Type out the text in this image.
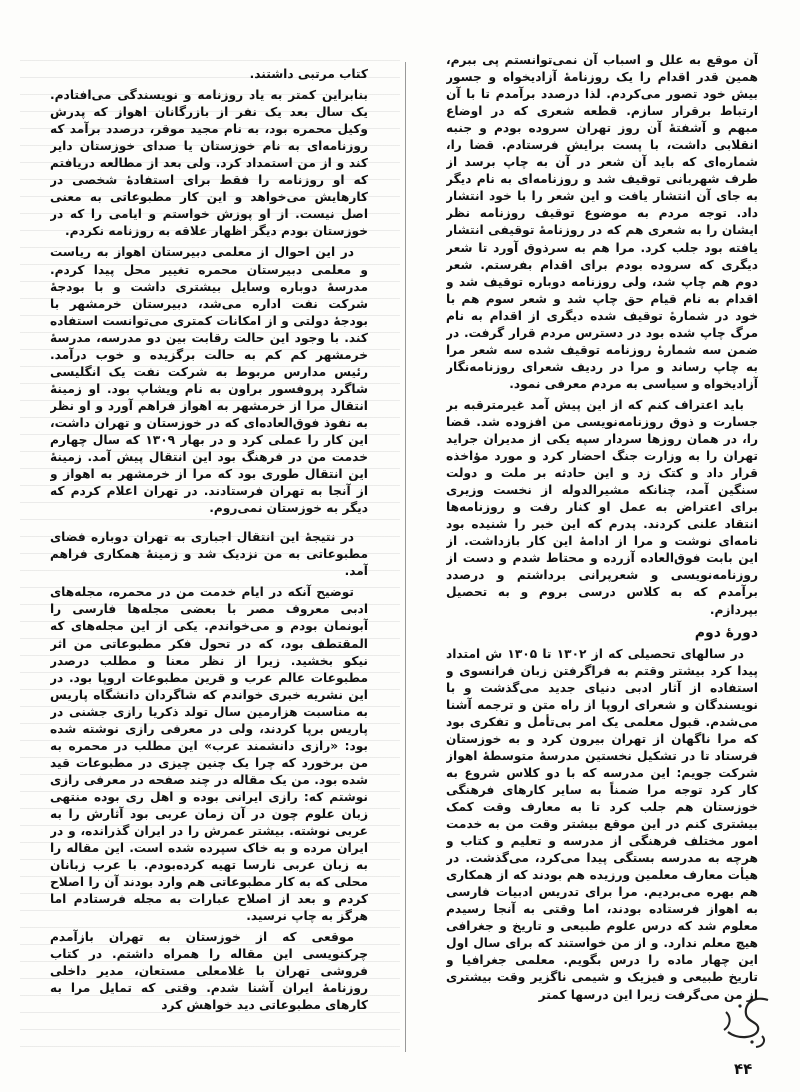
آن موقع به علل و اسباب آن نمی‌توانستم پی ببرم، همین قدر اقدام را یک روزنامهٔ آزادیخواه و جسور بیش خود تصور می‌کردم. لذا درصدد برآمدم تا با آن ارتباط برقرار سازم. قطعه شعری که در اوضاع مبهم و آشفتهٔ آن روز تهران سروده بودم و جنبه انقلابی داشت، با پست برایش فرستادم. قضا را، شماره‌ای که باید آن شعر در آن به چاپ برسد از طرف شهربانی توقیف شد و روزنامه‌ای به نام دیگر به جای آن انتشار یافت و این شعر را با خود انتشار داد. توجه مردم به موضوع توقیف روزنامه نظر ایشان را به شعری هم که در روزنامهٔ توقیفی انتشار یافته بود جلب کرد. مرا هم به سرذوق آورد تا شعر دیگری که سروده بودم برای اقدام بفرستم. شعر دوم هم چاپ شد، ولی روزنامه دوباره توقیف شد و اقدام به نام قیام حق چاپ شد و شعر سوم هم با خود در شمارهٔ توقیف شده دیگری از اقدام به نام مرگ چاپ شده بود در دسترس مردم قرار گرفت. در ضمن سه شمارهٔ روزنامه توقیف شده سه شعر مرا به چاپ رساند و مرا در ردیف شعرای روزنامه‌نگار آزادیخواه و سیاسی به مردم معرفی نمود.

باید اعتراف کنم که از این پیش آمد غیرمترقبه بر جسارت و ذوق روزنامه‌نویسی من افزوده شد. قضا را، در همان روزها سردار سپه یکی از مدیران جراید تهران را به وزارت جنگ احضار کرد و مورد مؤاخذه قرار داد و کتک زد و این حادثه بر ملت و دولت سنگین آمد، چنانکه مشیرالدوله از نخست وزیری برای اعتراض به عمل او کنار رفت و روزنامه‌ها انتقاد علنی کردند. پدرم که این خبر را شنیده بود نامه‌ای نوشت و مرا از ادامهٔ این کار بازداشت. از این بابت فوق‌العاده آزرده و محتاط شدم و دست از روزنامه‌نویسی و شعرپرانی برداشتم و درصدد برآمدم که به کلاس درسی برو‌م و به تحصیل بپردازم.

دورهٔ دوم

در سالهای تحصیلی که از ۱۳۰۲ تا ۱۳۰۵ ش امتداد پیدا کرد بیشتر وقتم به فراگرفتن زبان فرانسوی و استفاده از آثار ادبی دنیای جدید می‌گذشت و با نویسندگان و شعرای اروپا از راه متن و ترجمه آشنا می‌شدم. قبول معلمی یک امر بی‌تأمل و تفکری بود که مرا ناگهان از تهران بیرون کرد و به خوزستان فرستاد تا در تشکیل نخستین مدرسهٔ متوسطهٔ اهواز شرکت جویم: این مدرسه که با دو کلاس شروع به کار کرد توجه مرا ضمناً به سایر کارهای فرهنگی خوزستان هم جلب کرد تا به معارف وقت کمک بیشتری کنم در این موقع بیشتر وقت من به خدمت امور مختلف فرهنگی از مدرسه و تعلیم و کتاب و هرچه به مدرسه بستگی پیدا می‌کرد، می‌گذشت. در هیأت معارف معلمین ورزیده هم بودند که از همکاری هم بهره می‌بردیم. مرا برای تدریس ادبیات فارسی به اهواز فرستاده بودند، اما وقتی به آنجا رسیدم معلوم شد که درس علوم طبیعی و تاریخ و جغرافی هیچ معلم ندارد. و از من خواستند که برای سال اول این چهار ماده را درس بگویم. معلمی جغرافیا و تاریخ طبیعی و فیزیک و شیمی ناگزیر وقت بیشتری از من می‌گرفت زیرا این درسها کمتر

کتاب مرتبی داشتند.

بنابراین کمتر به یاد روزنامه و نویسندگی می‌افتادم. یک سال بعد یک نفر از بازرگانان اهواز که پدرش وکیل محمره بود، به نام مجید موقر، درصدد برآمد که روزنامه‌ای به نام خوزستان یا صدای خوزستان دایر کند و از من استمداد کرد. ولی بعد از مطالعه دریافتم که او روزنامه را فقط برای استفادهٔ شخصی در کارهایش می‌خواهد و این کار مطبوعاتی به معنی اصل نیست. از او پوزش خواستم و ایامی را که در خوزستان بودم دیگر اظهار علاقه به روزنامه نکردم.

در این احوال از معلمی دبیرستان اهواز به ریاست و معلمی دبیرستان محمره تغییر محل پیدا کردم. مدرسهٔ دوباره وسایل بیشتری داشت و با بودجهٔ شرکت نفت اداره می‌شد، دبیرستان خرمشهر با بودجهٔ دولتی و از امکانات کمتری می‌توانست استفاده کند. با وجود این حالت رقابت بین دو مدرسه، مدرسهٔ خرمشهر کم کم به حالت برگزیده و خوب درآمد. رئیس مدارس مربوط به شرکت نفت یک انگلیسی شاگرد پروفسور براون به نام ویشاپ بود. او زمینهٔ انتقال مرا از خرمشهر به اهواز فراهم آورد و او نظر به نفوذ فوق‌العاده‌ای که در خوزستان و تهران داشت، این کار را عملی کرد و در بهار ۱۳۰۹ که سال چهارم خدمت من در فرهنگ بود این انتقال پیش آمد. زمینهٔ این انتقال طوری بود که مرا از خرمشهر به اهواز و از آنجا به تهران فرستادند. در تهران اعلام کردم که دیگر به خوزستان نمی‌روم.

در نتیجهٔ این انتقال اجباری به تهران دوباره فضای مطبوعاتی به من نزدیک شد و زمینهٔ همکاری فراهم آمد.

توضیح آنکه در ایام خدمت من در محمره، مجله‌های ادبی معروف مصر با بعضی مجله‌ها فارسی را آبونمان بودم و می‌خواندم. یکی از این مجله‌های که المقتطف بود، که در تحول فکر مطبوعاتی من اثر نیکو بخشید. زیرا از نظر معنا و مطلب درصدر مطبوعات عالم عرب و قرین مطبوعات اروپا بود. در این نشریه خبری خواندم که شاگردان دانشگاه پاریس به مناسبت هزارمین سال تولد ذکریا رازی جشنی در پاریس برپا کردند، ولی در معرفی رازی نوشته شده بود: «رازی دانشمند عرب» این مطلب در محمره به من برخورد که چرا یک چنین چیزی در مطبوعات قید شده بود. من یک مقاله در چند صفحه در معرفی رازی نوشتم که: رازی ایرانی بوده و اهل ری بوده منتهی زبان علوم چون در آن زمان عربی بود آثارش را به عربی نوشته. بیشتر عمرش را در ایران گذرانده، و در ایران مرده و به خاک سپرده شده است. این مقاله را به زبان عربی نارسا تهیه کرده‌بودم. با عرب زبانان محلی که به کار مطبوعاتی هم وارد بودند آن را اصلاح کردم و بعد از اصلاح عبارات به مجله فرستادم اما هرگز به چاپ نرسید.

موقعی که از خوزستان به تهران بازآمدم چرکنویسی این مقاله را همراه داشتم. در کتاب فروشی تهران با غلامعلی مستعان، مدیر داخلی روزنامهٔ ایران آشنا شدم. وقتی که تمایل مرا به کارهای مطبوعاتی دید خواهش کرد

۴۴
